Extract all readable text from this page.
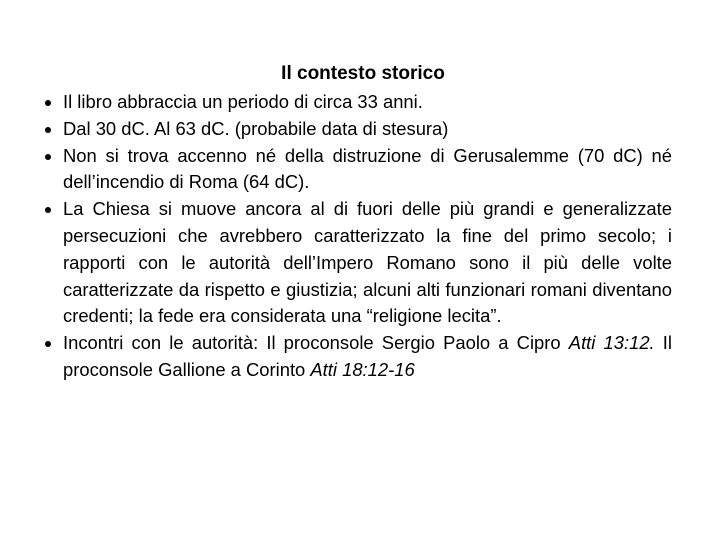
Il contesto storico
Il libro abbraccia un periodo di circa 33 anni.
Dal 30 dC. Al 63 dC. (probabile data di stesura)
Non si trova accenno né della distruzione di Gerusalemme (70 dC) né dell’incendio di Roma (64 dC).
La Chiesa si muove ancora al di fuori delle più grandi e generalizzate persecuzioni che avrebbero caratterizzato la fine del primo secolo; i rapporti con le autorità dell’Impero Romano sono il più delle volte caratterizzate da rispetto e giustizia; alcuni alti funzionari romani diventano credenti; la fede era considerata una “religione lecita”.
Incontri con le autorità: Il proconsole Sergio Paolo a Cipro Atti 13:12. Il proconsole Gallione a Corinto Atti 18:12-16
